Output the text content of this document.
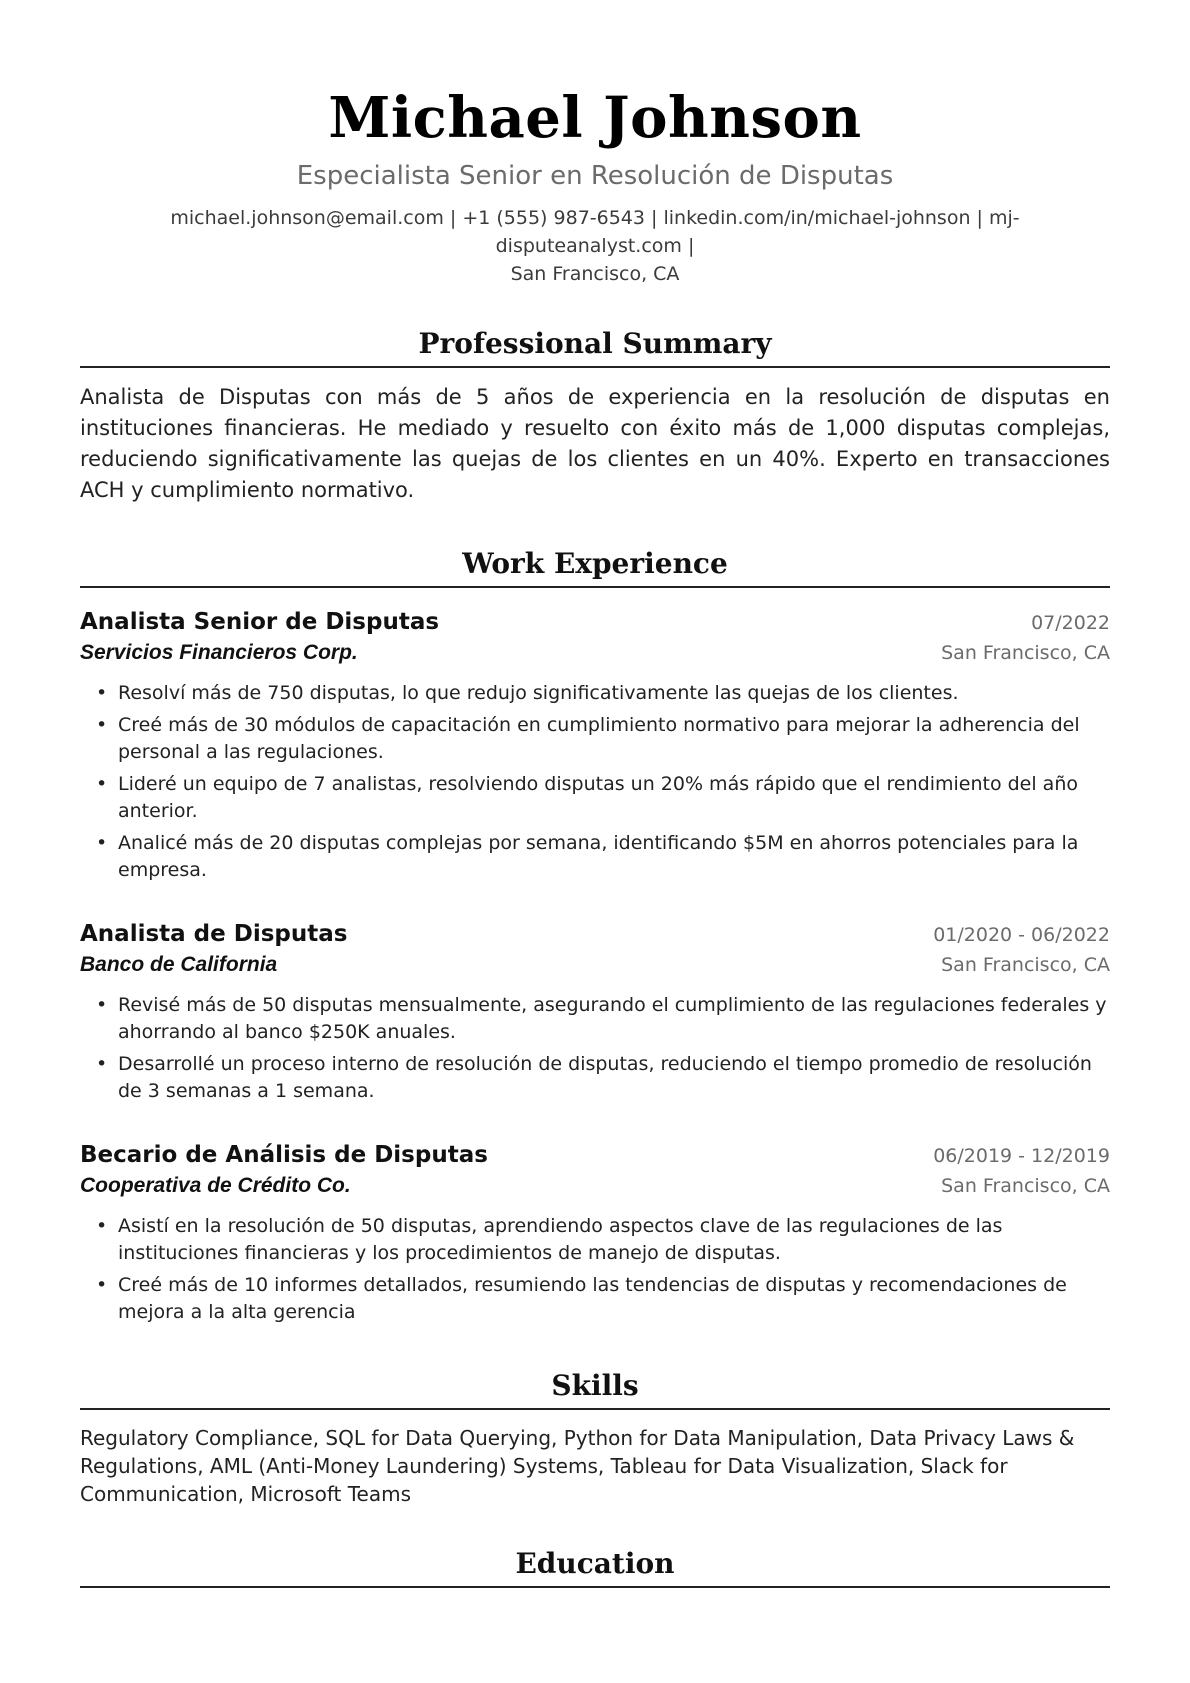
Michael Johnson
Especialista Senior en Resolución de Disputas
michael.johnson@email.com | +1 (555) 987-6543 | linkedin.com/in/michael-johnson | mj-disputeanalyst.com |
San Francisco, CA
Professional Summary
Analista de Disputas con más de 5 años de experiencia en la resolución de disputas en instituciones financieras. He mediado y resuelto con éxito más de 1,000 disputas complejas, reduciendo significativamente las quejas de los clientes en un 40%. Experto en transacciones ACH y cumplimiento normativo.
Work Experience
Analista Senior de Disputas	07/2022
Servicios Financieros Corp.	San Francisco, CA
• Resolví más de 750 disputas, lo que redujo significativamente las quejas de los clientes.
• Creé más de 30 módulos de capacitación en cumplimiento normativo para mejorar la adherencia del personal a las regulaciones.
• Lideré un equipo de 7 analistas, resolviendo disputas un 20% más rápido que el rendimiento del año anterior.
• Analicé más de 20 disputas complejas por semana, identificando $5M en ahorros potenciales para la empresa.
Analista de Disputas	01/2020 - 06/2022
Banco de California	San Francisco, CA
• Revisé más de 50 disputas mensualmente, asegurando el cumplimiento de las regulaciones federales y ahorrando al banco $250K anuales.
• Desarrollé un proceso interno de resolución de disputas, reduciendo el tiempo promedio de resolución de 3 semanas a 1 semana.
Becario de Análisis de Disputas	06/2019 - 12/2019
Cooperativa de Crédito Co.	San Francisco, CA
• Asistí en la resolución de 50 disputas, aprendiendo aspectos clave de las regulaciones de las instituciones financieras y los procedimientos de manejo de disputas.
• Creé más de 10 informes detallados, resumiendo las tendencias de disputas y recomendaciones de mejora a la alta gerencia
Skills
Regulatory Compliance, SQL for Data Querying, Python for Data Manipulation, Data Privacy Laws & Regulations, AML (Anti-Money Laundering) Systems, Tableau for Data Visualization, Slack for Communication, Microsoft Teams
Education
